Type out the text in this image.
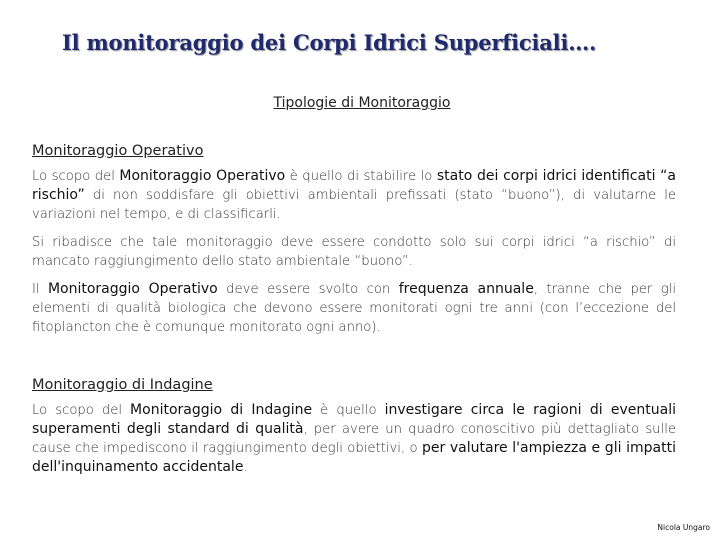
Il monitoraggio dei Corpi Idrici Superficiali….
Tipologie di Monitoraggio
Monitoraggio Operativo

Lo scopo del Monitoraggio Operativo è quello di stabilire lo stato dei corpi idrici identificati “a rischio” di non soddisfare gli obiettivi ambientali prefissati (stato “buono”), di valutarne le variazioni nel tempo, e di classificarli.

Si ribadisce che tale monitoraggio deve essere condotto solo sui corpi idrici “a rischio” di mancato raggiungimento dello stato ambientale “buono”.

Il Monitoraggio Operativo deve essere svolto con frequenza annuale, tranne che per gli elementi di qualità biologica che devono essere monitorati ogni tre anni (con l’eccezione del fitoplancton che è comunque monitorato ogni anno).

Monitoraggio di Indagine

Lo scopo del Monitoraggio di Indagine è quello investigare circa le ragioni di eventuali superamenti degli standard di qualità, per avere un quadro conoscitivo più dettagliato sulle cause che impediscono il raggiungimento degli obiettivi, o per valutare l'ampiezza e gli impatti dell'inquinamento accidentale.

Nicola Ungaro
